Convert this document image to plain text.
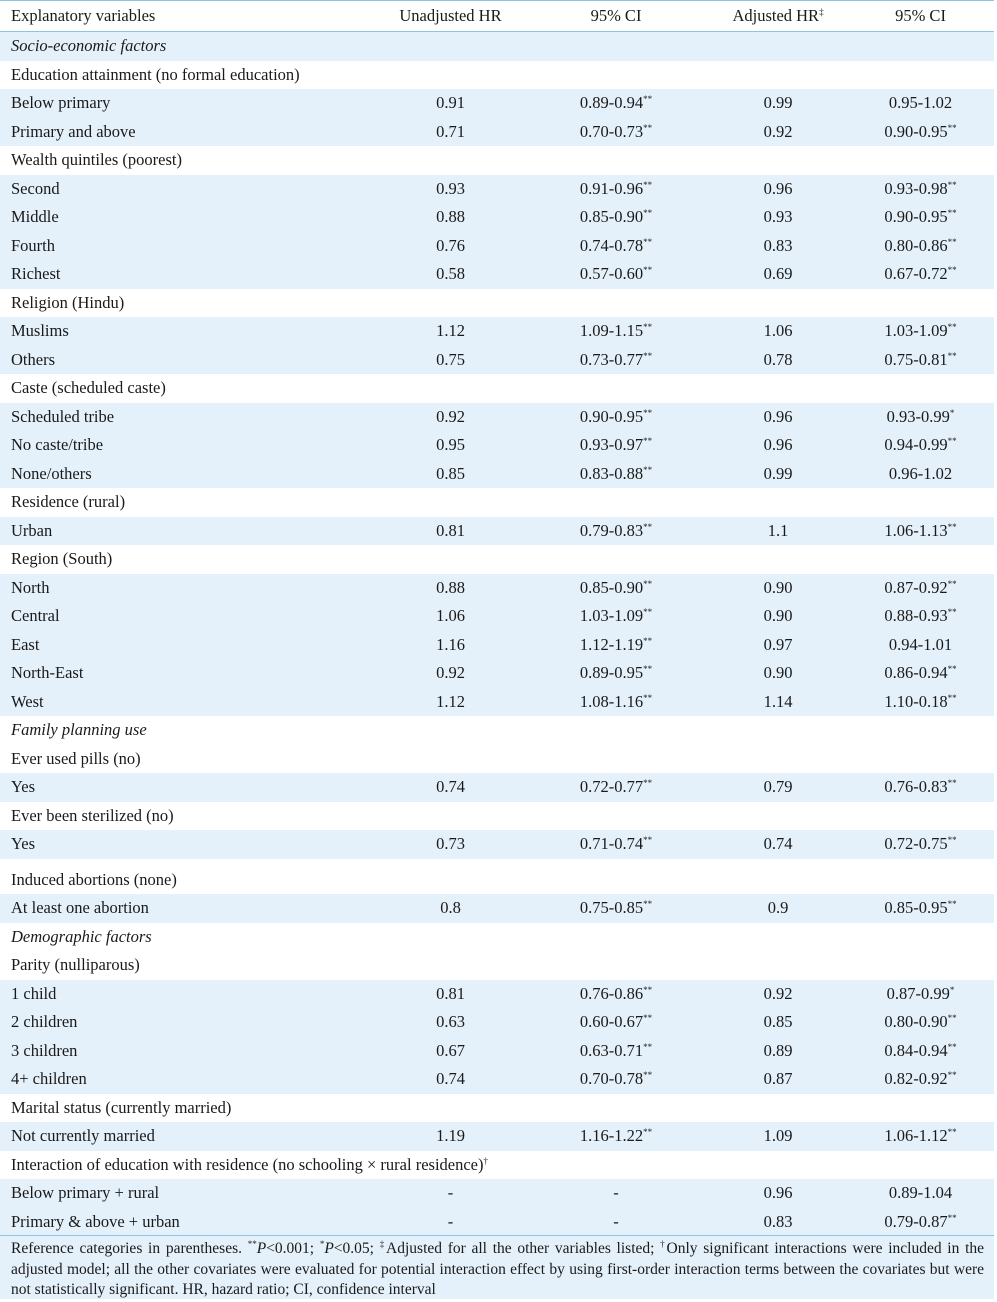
Explanatory variables	Unadjusted HR	95% CI	Adjusted HR‡	95% CI
Socio-economic factors				
Education attainment (no formal education)				
Below primary	0.91	0.89-0.94**	0.99	0.95-1.02
Primary and above	0.71	0.70-0.73**	0.92	0.90-0.95**
Wealth quintiles (poorest)				
Second	0.93	0.91-0.96**	0.96	0.93-0.98**
Middle	0.88	0.85-0.90**	0.93	0.90-0.95**
Fourth	0.76	0.74-0.78**	0.83	0.80-0.86**
Richest	0.58	0.57-0.60**	0.69	0.67-0.72**
Religion (Hindu)				
Muslims	1.12	1.09-1.15**	1.06	1.03-1.09**
Others	0.75	0.73-0.77**	0.78	0.75-0.81**
Caste (scheduled caste)				
Scheduled tribe	0.92	0.90-0.95**	0.96	0.93-0.99*
No caste/tribe	0.95	0.93-0.97**	0.96	0.94-0.99**
None/others	0.85	0.83-0.88**	0.99	0.96-1.02
Residence (rural)				
Urban	0.81	0.79-0.83**	1.1	1.06-1.13**
Region (South)				
North	0.88	0.85-0.90**	0.90	0.87-0.92**
Central	1.06	1.03-1.09**	0.90	0.88-0.93**
East	1.16	1.12-1.19**	0.97	0.94-1.01
North-East	0.92	0.89-0.95**	0.90	0.86-0.94**
West	1.12	1.08-1.16**	1.14	1.10-0.18**
Family planning use				
Ever used pills (no)				
Yes	0.74	0.72-0.77**	0.79	0.76-0.83**
Ever been sterilized (no)				
Yes	0.73	0.71-0.74**	0.74	0.72-0.75**
Induced abortions (none)				
At least one abortion	0.8	0.75-0.85**	0.9	0.85-0.95**
Demographic factors				
Parity (nulliparous)				
1 child	0.81	0.76-0.86**	0.92	0.87-0.99*
2 children	0.63	0.60-0.67**	0.85	0.80-0.90**
3 children	0.67	0.63-0.71**	0.89	0.84-0.94**
4+ children	0.74	0.70-0.78**	0.87	0.82-0.92**
Marital status (currently married)				
Not currently married	1.19	1.16-1.22**	1.09	1.06-1.12**
Interaction of education with residence (no schooling × rural residence)†
Below primary + rural	-	-	0.96	0.89-1.04
Primary & above + urban	-	-	0.83	0.79-0.87**
Reference categories in parentheses. **P<0.001; *P<0.05; ‡Adjusted for all the other variables listed; †Only significant interactions were included in the adjusted model; all the other covariates were evaluated for potential interaction effect by using first-order interaction terms between the covariates but were not statistically significant. HR, hazard ratio; CI, confidence interval
